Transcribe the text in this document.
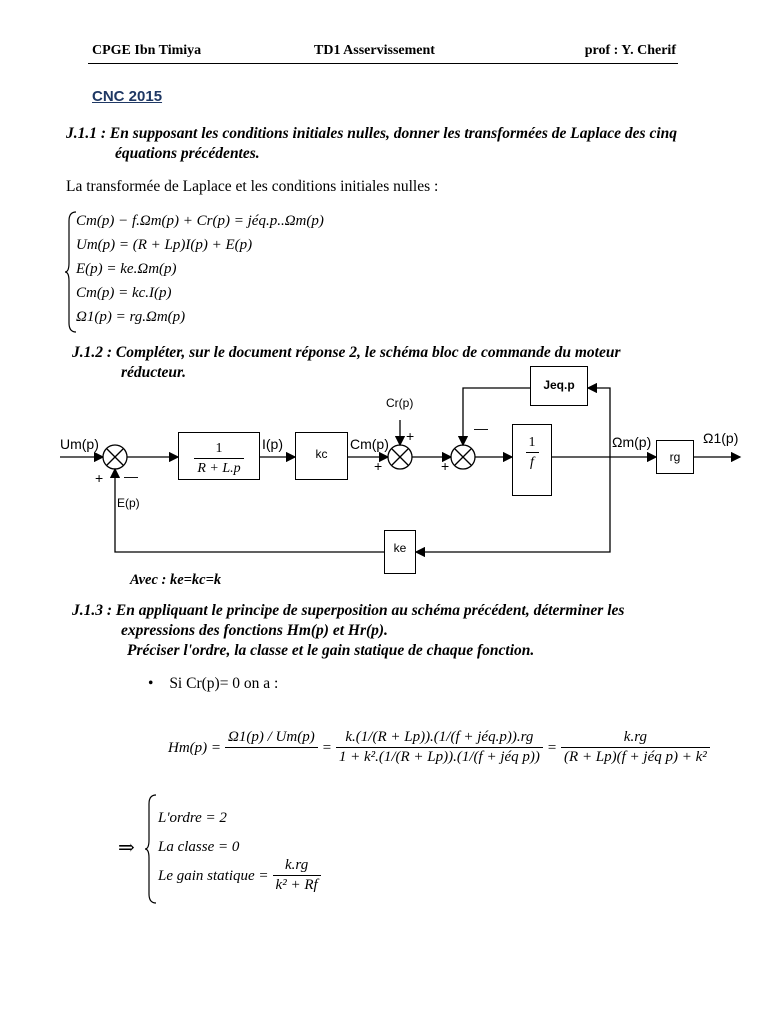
CPGE Ibn Timiya	TD1 Asservissement	prof : Y. Cherif
CNC 2015
J.1.1 : En supposant les conditions initiales nulles, donner les transformées de Laplace des cinq
équations précédentes.
La transformée de Laplace et les conditions initiales nulles :
Cm(p) − f.Ωm(p) + Cr(p) = jéq.p..Ωm(p)
Um(p) = (R + Lp)I(p) + E(p)
E(p) = ke.Ωm(p)
Cm(p) = kc.I(p)
Ω1(p) = rg.Ωm(p)
J.1.2 : Compléter, sur le document réponse 2, le schéma bloc de commande du moteur
réducteur.
$\frac{1}{R + L.p}$	kc	$\frac{1}{f}$	rg
ke
Jeq.p
Um(p)	I(p)	Cm(p)
Cr(p)
Ωm(p)	Ω1(p)
E(p)
+ —
+
+	+
—
Avec : ke=kc=k
J.1.3 : En appliquant le principe de superposition au schéma précédent, déterminer les
expressions des fonctions Hm(p) et Hr(p).
Préciser l'ordre, la classe et le gain statique de chaque fonction.
• Si Cr(p)= 0 on a :
Hm(p) =
Ω1(p) / Um(p)

= $\frac{\text{k.(1/(R + Lp)).(1/(f + jéq.p)).rg}}{\text{1 + k².(1/(R + Lp)).(1/(f + jéq p))}} = \frac{k.rg}{\text{(R + Lp)(f + jéq p) + k²}}$
⇒
L'ordre = 2
La classe = 0
Le gain statique = $\frac{k.rg}{\text{k² + Rf}}$
